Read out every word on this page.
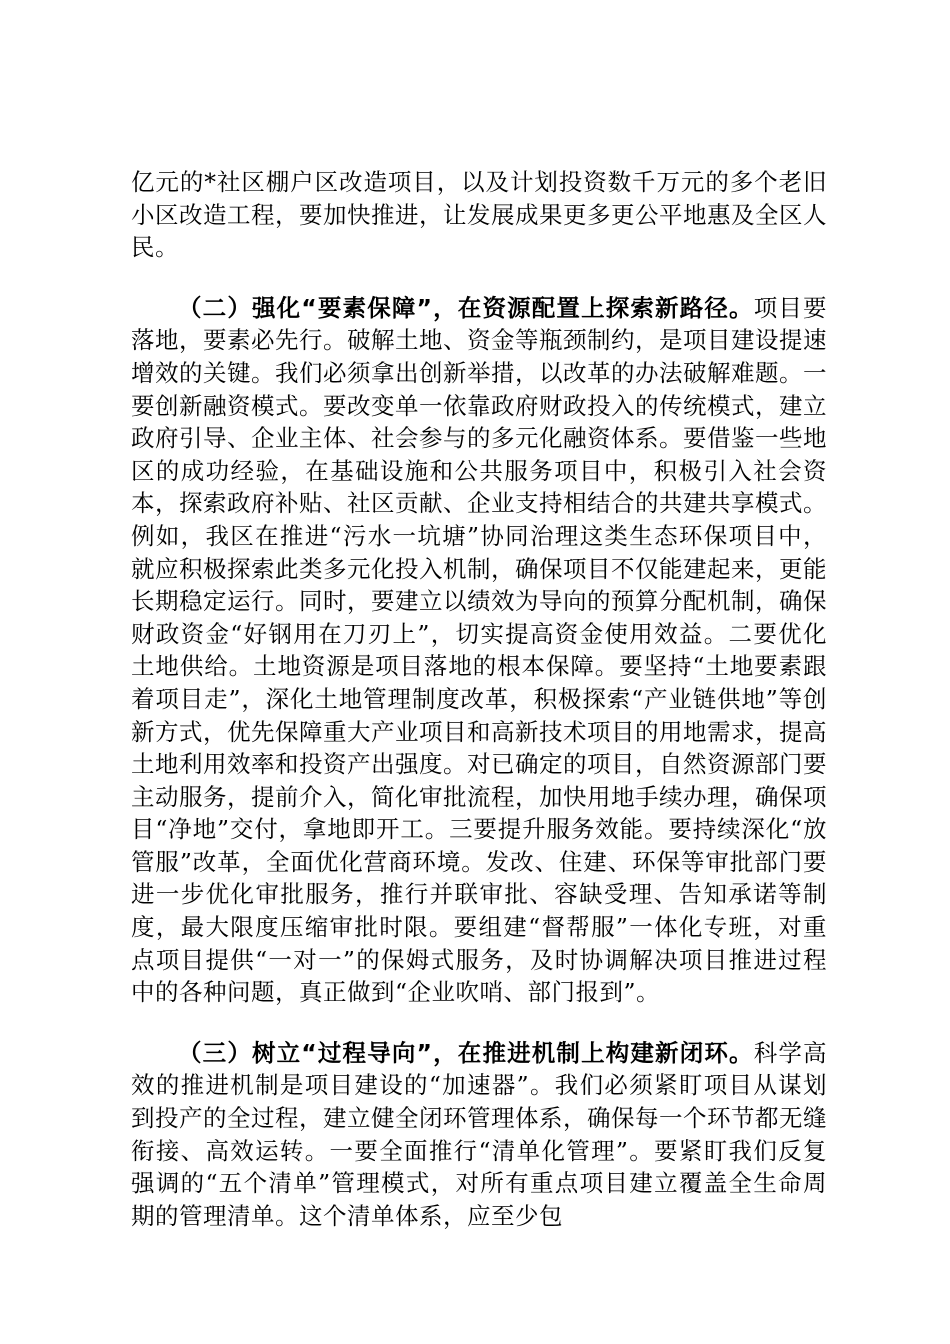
亿元的*社区棚户区改造项目，以及计划投资数千万元的多个老旧小区改造工程，要加快推进，让发展成果更多更公平地惠及全区人民。

（二）强化“要素保障”，在资源配置上探索新路径。项目要落地，要素必先行。破解土地、资金等瓶颈制约，是项目建设提速增效的关键。我们必须拿出创新举措，以改革的办法破解难题。一要创新融资模式。要改变单一依靠政府财政投入的传统模式，建立政府引导、企业主体、社会参与的多元化融资体系。要借鉴一些地区的成功经验，在基础设施和公共服务项目中，积极引入社会资本，探索政府补贴、社区贡献、企业支持相结合的共建共享模式。例如，我区在推进“污水一坑塘”协同治理这类生态环保项目中，就应积极探索此类多元化投入机制，确保项目不仅能建起来，更能长期稳定运行。同时，要建立以绩效为导向的预算分配机制，确保财政资金“好钢用在刀刃上”，切实提高资金使用效益。二要优化土地供给。土地资源是项目落地的根本保障。要坚持“土地要素跟着项目走”，深化土地管理制度改革，积极探索“产业链供地”等创新方式，优先保障重大产业项目和高新技术项目的用地需求，提高土地利用效率和投资产出强度。对已确定的项目，自然资源部门要主动服务，提前介入，简化审批流程，加快用地手续办理，确保项目“净地”交付，拿地即开工。三要提升服务效能。要持续深化“放管服”改革，全面优化营商环境。发改、住建、环保等审批部门要进一步优化审批服务，推行并联审批、容缺受理、告知承诺等制度，最大限度压缩审批时限。要组建“督帮服”一体化专班，对重点项目提供“一对一”的保姆式服务，及时协调解决项目推进过程中的各种问题，真正做到“企业吹哨、部门报到”。

（三）树立“过程导向”，在推进机制上构建新闭环。科学高效的推进机制是项目建设的“加速器”。我们必须紧盯项目从谋划到投产的全过程，建立健全闭环管理体系，确保每一个环节都无缝衔接、高效运转。一要全面推行“清单化管理”。要紧盯我们反复强调的“五个清单”管理模式，对所有重点项目建立覆盖全生命周期的管理清单。这个清单体系，应至少包
